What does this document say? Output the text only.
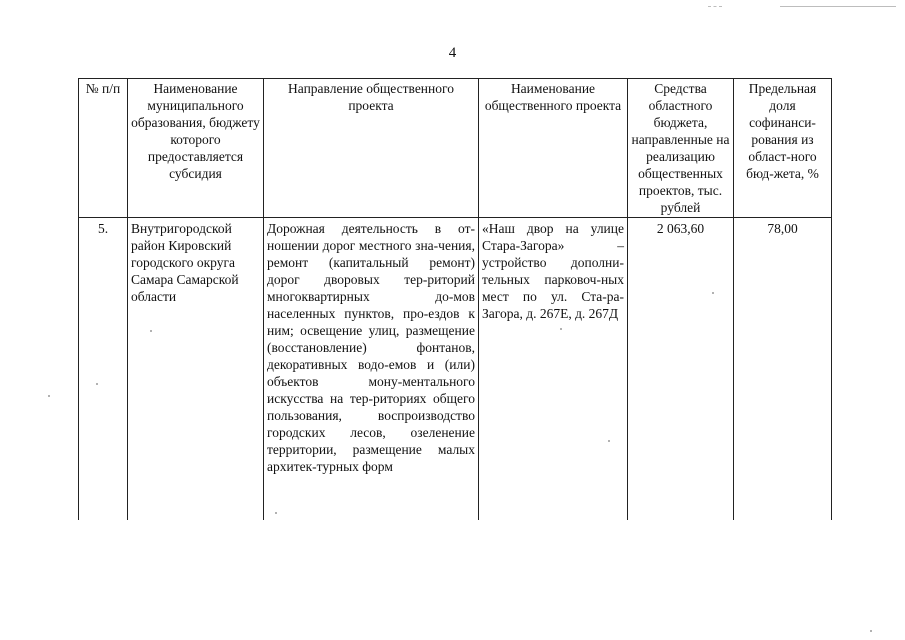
4
№ п/п	Наименование муниципального образования, бюджету которого предоставляется субсидия	Направление общественного проекта	Наименование общественного проекта	Средства областного бюджета, направленные на реализацию общественных проектов, тыс. рублей	Предельная доля софинанси-рования из област-ного бюд-жета, %
5.	Внутригородской район Кировский городского округа Самара Самарской области	Дорожная деятельность в от-ношении дорог местного зна-чения, ремонт (капитальный ремонт) дорог дворовых тер-риторий многоквартирных до-мов населенных пунктов, про-ездов к ним; освещение улиц, размещение (восстановление) фонтанов, декоративных водо-емов и (или) объектов мону-ментального искусства на тер-риториях общего пользования, воспроизводство городских лесов, озеленение территории, размещение малых архитек-турных форм	«Наш двор на улице Стара-Загора» – устройство дополни-тельных парковоч-ных мест по ул. Ста-ра-Загора, д. 267Е, д. 267Д	2 063,60	78,00
